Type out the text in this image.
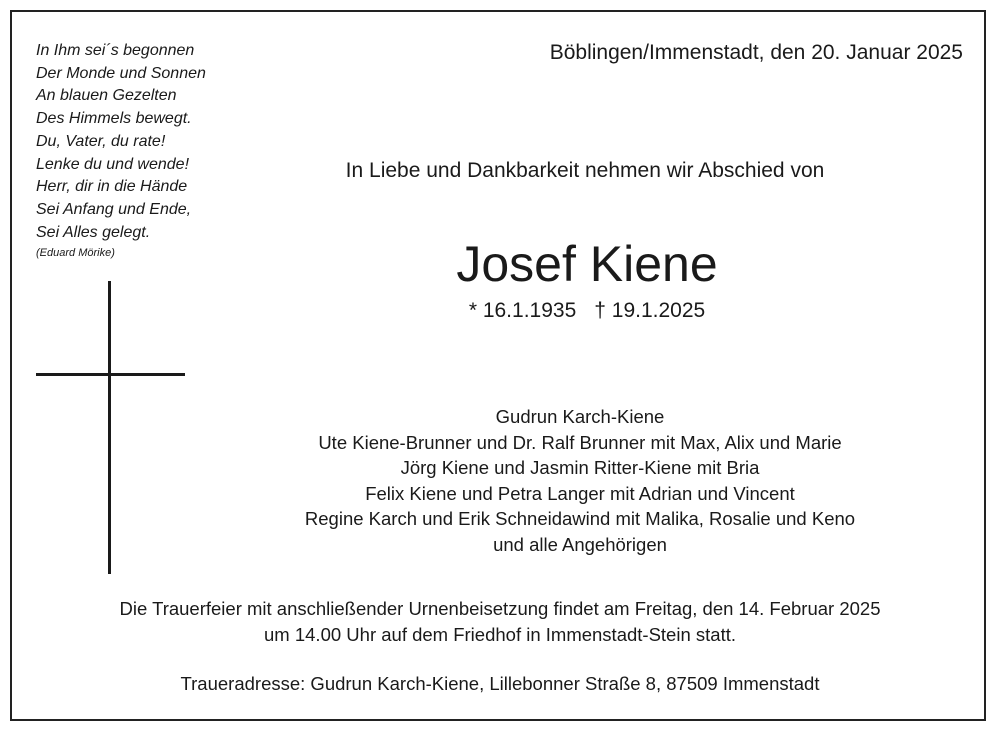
In Ihm sei´s begonnen
Der Monde und Sonnen
An blauen Gezelten
Des Himmels bewegt.
Du, Vater, du rate!
Lenke du und wende!
Herr, dir in die Hände
Sei Anfang und Ende,
Sei Alles gelegt.
(Eduard Mörike)
Böblingen/Immenstadt, den 20. Januar 2025
In Liebe und Dankbarkeit nehmen wir Abschied von
Josef Kiene
* 16.1.1935 † 19.1.2025
Gudrun Karch-Kiene
Ute Kiene-Brunner und Dr. Ralf Brunner mit Max, Alix und Marie
Jörg Kiene und Jasmin Ritter-Kiene mit Bria
Felix Kiene und Petra Langer mit Adrian und Vincent
Regine Karch und Erik Schneidawind mit Malika, Rosalie und Keno
und alle Angehörigen
Die Trauerfeier mit anschließender Urnenbeisetzung findet am Freitag, den 14. Februar 2025
um 14.00 Uhr auf dem Friedhof in Immenstadt-Stein statt.
Traueradresse: Gudrun Karch-Kiene, Lillebonner Straße 8, 87509 Immenstadt
